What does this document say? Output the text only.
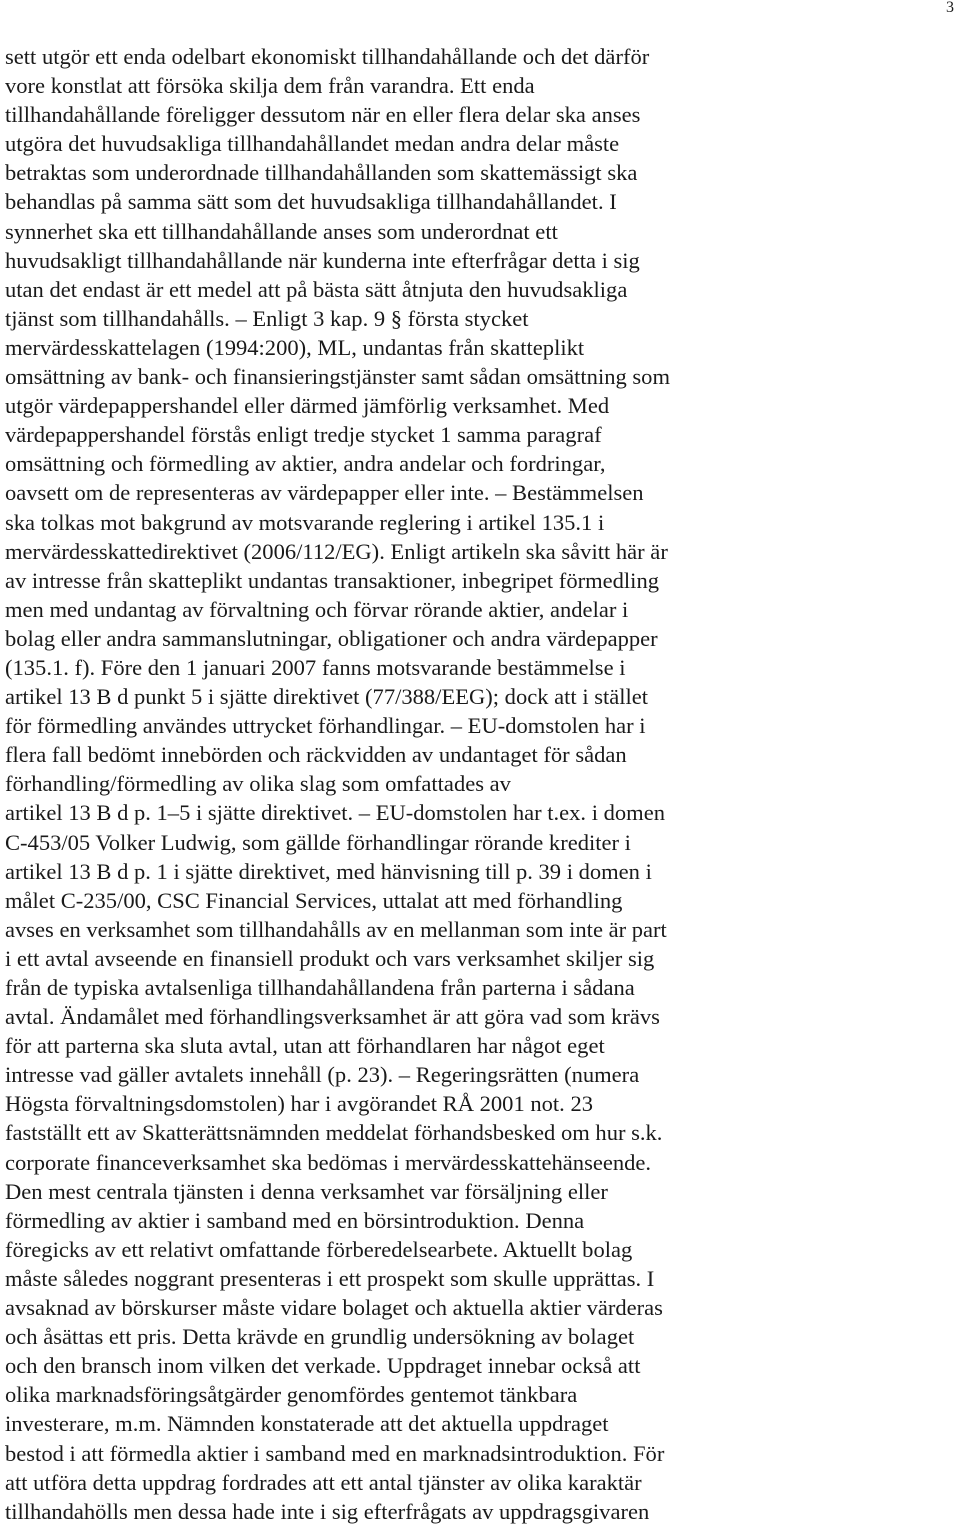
3
sett utgör ett enda odelbart ekonomiskt tillhandahållande och det därför
vore konstlat att försöka skilja dem från varandra. Ett enda
tillhandahållande föreligger dessutom när en eller flera delar ska anses
utgöra det huvudsakliga tillhandahållandet medan andra delar måste
betraktas som underordnade tillhandahållanden som skattemässigt ska
behandlas på samma sätt som det huvudsakliga tillhandahållandet. I
synnerhet ska ett tillhandahållande anses som underordnat ett
huvudsakligt tillhandahållande när kunderna inte efterfrågar detta i sig
utan det endast är ett medel att på bästa sätt åtnjuta den huvudsakliga
tjänst som tillhandahålls. – Enligt 3 kap. 9 § första stycket
mervärdesskattelagen (1994:200), ML, undantas från skatteplikt
omsättning av bank- och finansieringstjänster samt sådan omsättning som
utgör värdepappershandel eller därmed jämförlig verksamhet. Med
värdepappershandel förstås enligt tredje stycket 1 samma paragraf
omsättning och förmedling av aktier, andra andelar och fordringar,
oavsett om de representeras av värdepapper eller inte. – Bestämmelsen
ska tolkas mot bakgrund av motsvarande reglering i artikel 135.1 i
mervärdesskattedirektivet (2006/112/EG). Enligt artikeln ska såvitt här är
av intresse från skatteplikt undantas transaktioner, inbegripet förmedling
men med undantag av förvaltning och förvar rörande aktier, andelar i
bolag eller andra sammanslutningar, obligationer och andra värdepapper
(135.1. f). Före den 1 januari 2007 fanns motsvarande bestämmelse i
artikel 13 B d punkt 5 i sjätte direktivet (77/388/EEG); dock att i stället
för förmedling användes uttrycket förhandlingar. – EU-domstolen har i
flera fall bedömt innebörden och räckvidden av undantaget för sådan
förhandling/förmedling av olika slag som omfattades av
artikel 13 B d p. 1–5 i sjätte direktivet. – EU-domstolen har t.ex. i domen
C-453/05 Volker Ludwig, som gällde förhandlingar rörande krediter i
artikel 13 B d p. 1 i sjätte direktivet, med hänvisning till p. 39 i domen i
målet C-235/00, CSC Financial Services, uttalat att med förhandling
avses en verksamhet som tillhandahålls av en mellanman som inte är part
i ett avtal avseende en finansiell produkt och vars verksamhet skiljer sig
från de typiska avtalsenliga tillhandahållandena från parterna i sådana
avtal. Ändamålet med förhandlingsverksamhet är att göra vad som krävs
för att parterna ska sluta avtal, utan att förhandlaren har något eget
intresse vad gäller avtalets innehåll (p. 23). – Regeringsrätten (numera
Högsta förvaltningsdomstolen) har i avgörandet RÅ 2001 not. 23
fastställt ett av Skatterättsnämnden meddelat förhandsbesked om hur s.k.
corporate financeverksamhet ska bedömas i mervärdesskattehänseende.
Den mest centrala tjänsten i denna verksamhet var försäljning eller
förmedling av aktier i samband med en börsintroduktion. Denna
föregicks av ett relativt omfattande förberedelsearbete. Aktuellt bolag
måste således noggrant presenteras i ett prospekt som skulle upprättas. I
avsaknad av börskurser måste vidare bolaget och aktuella aktier värderas
och åsättas ett pris. Detta krävde en grundlig undersökning av bolaget
och den bransch inom vilken det verkade. Uppdraget innebar också att
olika marknadsföringsåtgärder genomfördes gentemot tänkbara
investerare, m.m. Nämnden konstaterade att det aktuella uppdraget
bestod i att förmedla aktier i samband med en marknadsintroduktion. För
att utföra detta uppdrag fordrades att ett antal tjänster av olika karaktär
tillhandahölls men dessa hade inte i sig efterfrågats av uppdragsgivaren
